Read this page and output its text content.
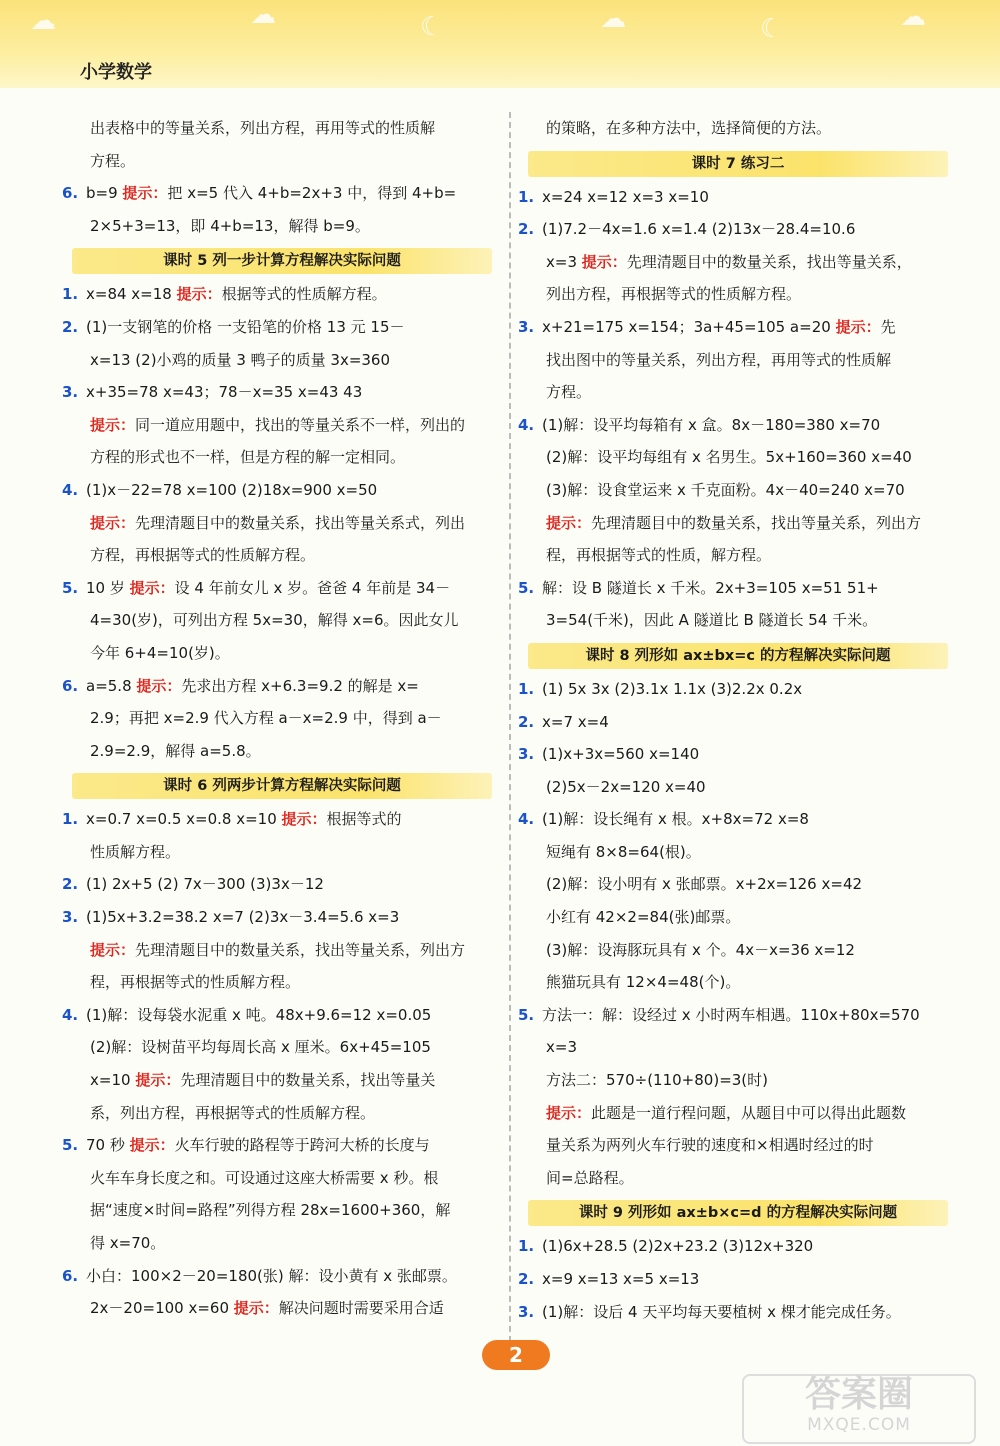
☁	☁	☾	☁	☾	☁
小学数学
出表格中的等量关系，列出方程，再用等式的性质解
方程。
6. b=9 提示：把 x=5 代入 4+b=2x+3 中，得到 4+b=
2×5+3=13，即 4+b=13，解得 b=9。
课时 5 列一步计算方程解决实际问题
1. x=84 x=18 提示：根据等式的性质解方程。
2. (1)一支钢笔的价格 一支铅笔的价格 13 元 15－
x=13 (2)小鸡的质量 3 鸭子的质量 3x=360
3. x+35=78 x=43；78－x=35 x=43 43
提示：同一道应用题中，找出的等量关系不一样，列出的
方程的形式也不一样，但是方程的解一定相同。
4. (1)x－22=78 x=100 (2)18x=900 x=50
提示：先理清题目中的数量关系，找出等量关系式，列出
方程，再根据等式的性质解方程。
5. 10 岁 提示：设 4 年前女儿 x 岁。爸爸 4 年前是 34－
4=30(岁)，可列出方程 5x=30，解得 x=6。因此女儿
今年 6+4=10(岁)。
6. a=5.8 提示：先求出方程 x+6.3=9.2 的解是 x=
2.9；再把 x=2.9 代入方程 a－x=2.9 中，得到 a－
2.9=2.9，解得 a=5.8。
课时 6 列两步计算方程解决实际问题
1. x=0.7 x=0.5 x=0.8 x=10 提示：根据等式的
性质解方程。
2. (1) 2x+5 (2) 7x－300 (3)3x－12
3. (1)5x+3.2=38.2 x=7 (2)3x－3.4=5.6 x=3
提示：先理清题目中的数量关系，找出等量关系，列出方
程，再根据等式的性质解方程。
4. (1)解：设每袋水泥重 x 吨。48x+9.6=12 x=0.05
(2)解：设树苗平均每周长高 x 厘米。6x+45=105
x=10 提示：先理清题目中的数量关系，找出等量关
系，列出方程，再根据等式的性质解方程。
5. 70 秒 提示：火车行驶的路程等于跨河大桥的长度与
火车车身长度之和。可设通过这座大桥需要 x 秒。根
据“速度×时间=路程”列得方程 28x=1600+360，解
得 x=70。
6. 小白：100×2－20=180(张) 解：设小黄有 x 张邮票。
2x－20=100 x=60 提示：解决问题时需要采用合适
的策略，在多种方法中，选择简便的方法。
课时 7 练习二
1. x=24 x=12 x=3 x=10
2. (1)7.2－4x=1.6 x=1.4 (2)13x－28.4=10.6
x=3 提示：先理清题目中的数量关系，找出等量关系，
列出方程，再根据等式的性质解方程。
3. x+21=175 x=154；3a+45=105 a=20 提示：先
找出图中的等量关系，列出方程，再用等式的性质解
方程。
4. (1)解：设平均每箱有 x 盒。8x－180=380 x=70
(2)解：设平均每组有 x 名男生。5x+160=360 x=40
(3)解：设食堂运来 x 千克面粉。4x－40=240 x=70
提示：先理清题目中的数量关系，找出等量关系，列出方
程，再根据等式的性质，解方程。
5. 解：设 B 隧道长 x 千米。2x+3=105 x=51 51+
3=54(千米)，因此 A 隧道比 B 隧道长 54 千米。
课时 8 列形如 ax±bx=c 的方程解决实际问题
1. (1) 5x 3x (2)3.1x 1.1x (3)2.2x 0.2x
2. x=7 x=4
3. (1)x+3x=560 x=140
(2)5x－2x=120 x=40
4. (1)解：设长绳有 x 根。x+8x=72 x=8
短绳有 8×8=64(根)。
(2)解：设小明有 x 张邮票。x+2x=126 x=42
小红有 42×2=84(张)邮票。
(3)解：设海豚玩具有 x 个。4x－x=36 x=12
熊猫玩具有 12×4=48(个)。
5. 方法一：解：设经过 x 小时两车相遇。110x+80x=570
x=3
方法二：570÷(110+80)=3(时)
提示：此题是一道行程问题，从题目中可以得出此题数
量关系为两列火车行驶的速度和×相遇时经过的时
间=总路程。
课时 9 列形如 ax±b×c=d 的方程解决实际问题
1. (1)6x+28.5 (2)2x+23.2 (3)12x+320
2. x=9 x=13 x=5 x=13
3. (1)解：设后 4 天平均每天要植树 x 棵才能完成任务。
2
答案圈
MXQE.COM
